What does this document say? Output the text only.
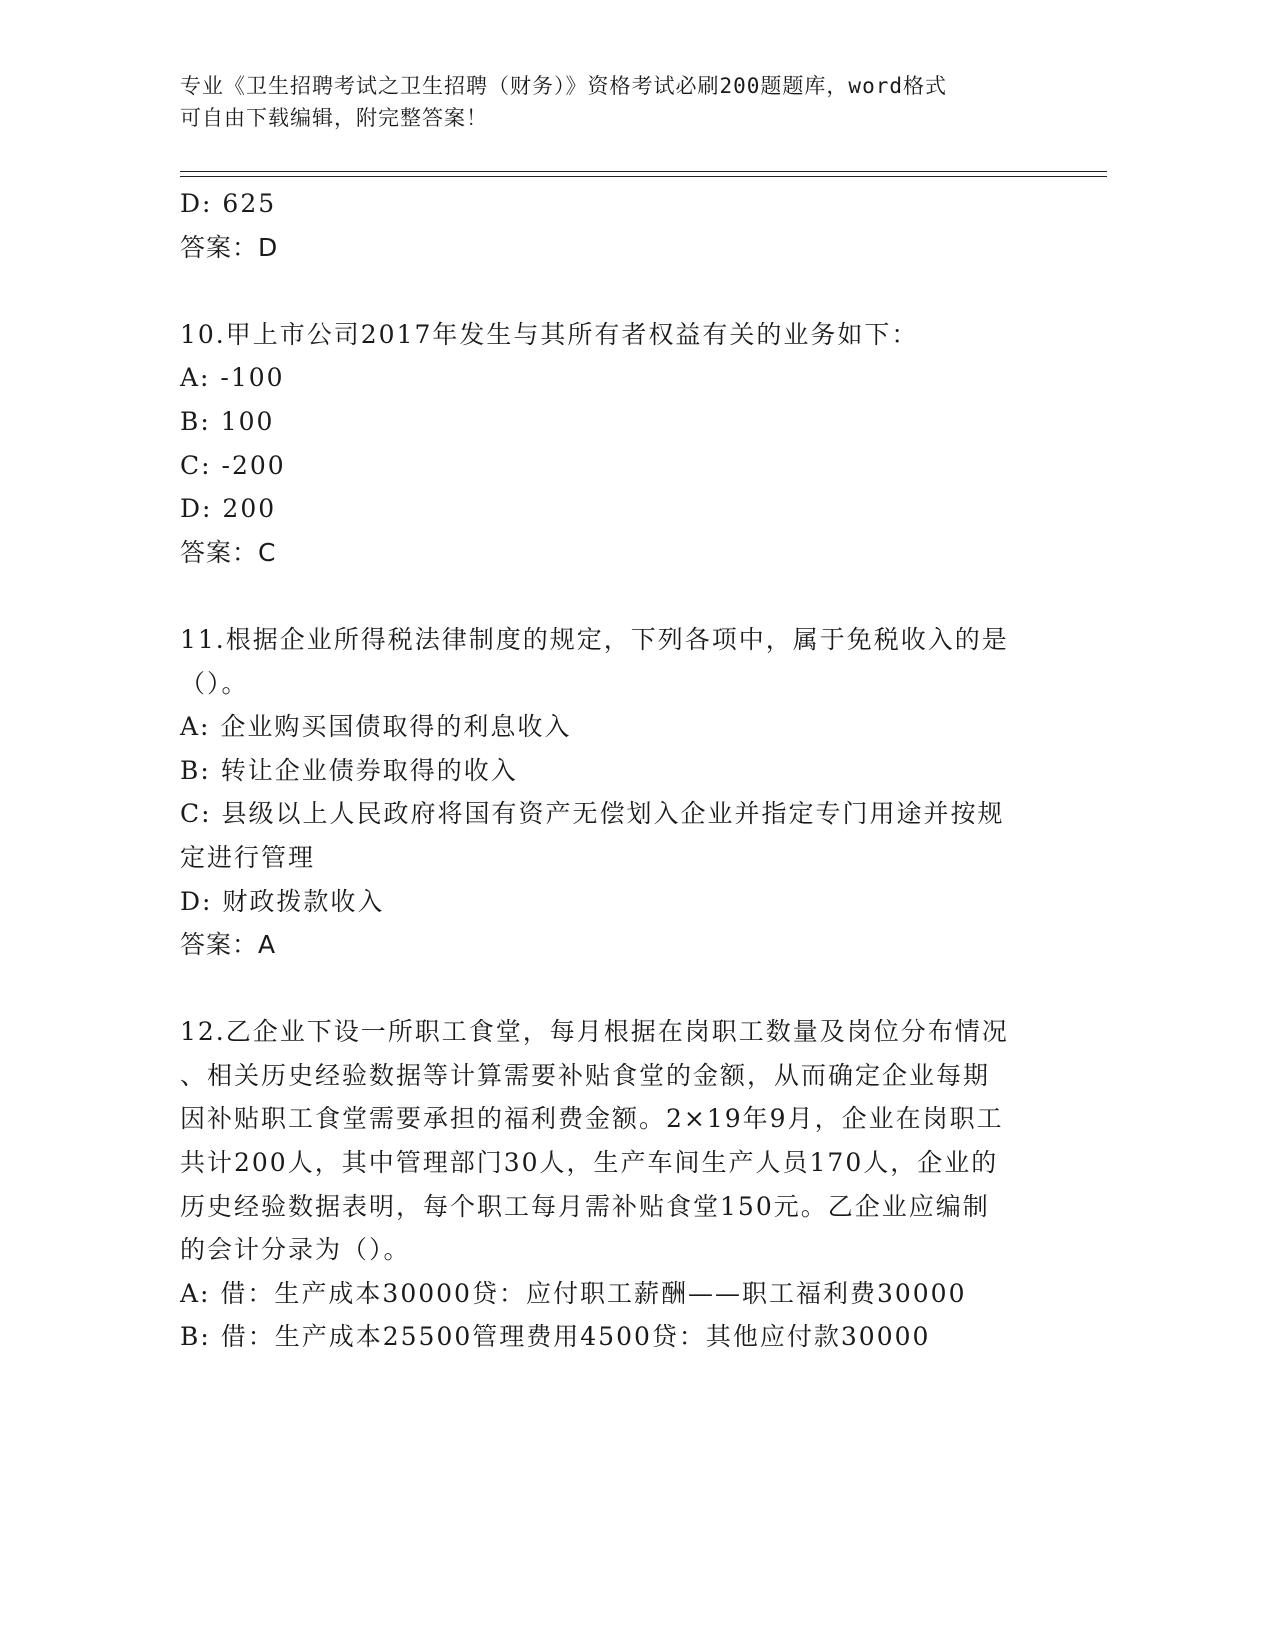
专业《卫生招聘考试之卫生招聘（财务）》资格考试必刷200题题库，word格式
可自由下载编辑，附完整答案！
D: 625
答案：D
10.甲上市公司2017年发生与其所有者权益有关的业务如下：
A: -100
B: 100
C: -200
D: 200
答案：C
11.根据企业所得税法律制度的规定，下列各项中，属于免税收入的是
（）。
A: 企业购买国债取得的利息收入
B: 转让企业债券取得的收入
C: 县级以上人民政府将国有资产无偿划入企业并指定专门用途并按规
定进行管理
D: 财政拨款收入
答案：A
12.乙企业下设一所职工食堂，每月根据在岗职工数量及岗位分布情况
、相关历史经验数据等计算需要补贴食堂的金额，从而确定企业每期
因补贴职工食堂需要承担的福利费金额。2×19年9月，企业在岗职工
共计200人，其中管理部门30人，生产车间生产人员170人，企业的
历史经验数据表明，每个职工每月需补贴食堂150元。乙企业应编制
的会计分录为（）。
A: 借：生产成本30000贷：应付职工薪酬——职工福利费30000
B: 借：生产成本25500管理费用4500贷：其他应付款30000
